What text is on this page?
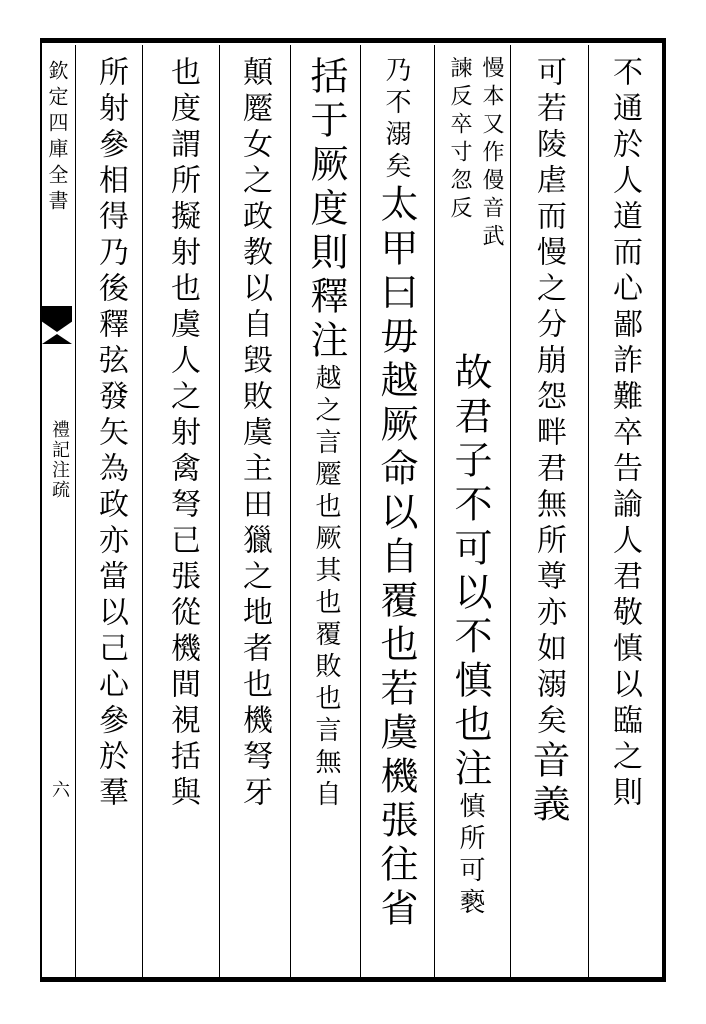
欽定四庫全書
禮記注疏
六	不通於人道而心鄙詐難卒告諭人君敬慎以臨之則
可若陵虐而慢之分崩怨畔君無所尊亦如溺矣音義
慢本又作僈音武
諫反卒寸忽反
故君子不可以不慎也注慎所可褻
乃不溺矣太甲曰毋越厥命以自覆也若虞機張往省
括于厥度則釋注越之言蹷也厥其也覆敗也言無自
顛蹷女之政教以自毀敗虞主田獵之地者也機弩牙
也度謂所擬射也虞人之射禽弩已張從機間視括與
所射參相得乃後釋弦發矢為政亦當以己心參於羣
